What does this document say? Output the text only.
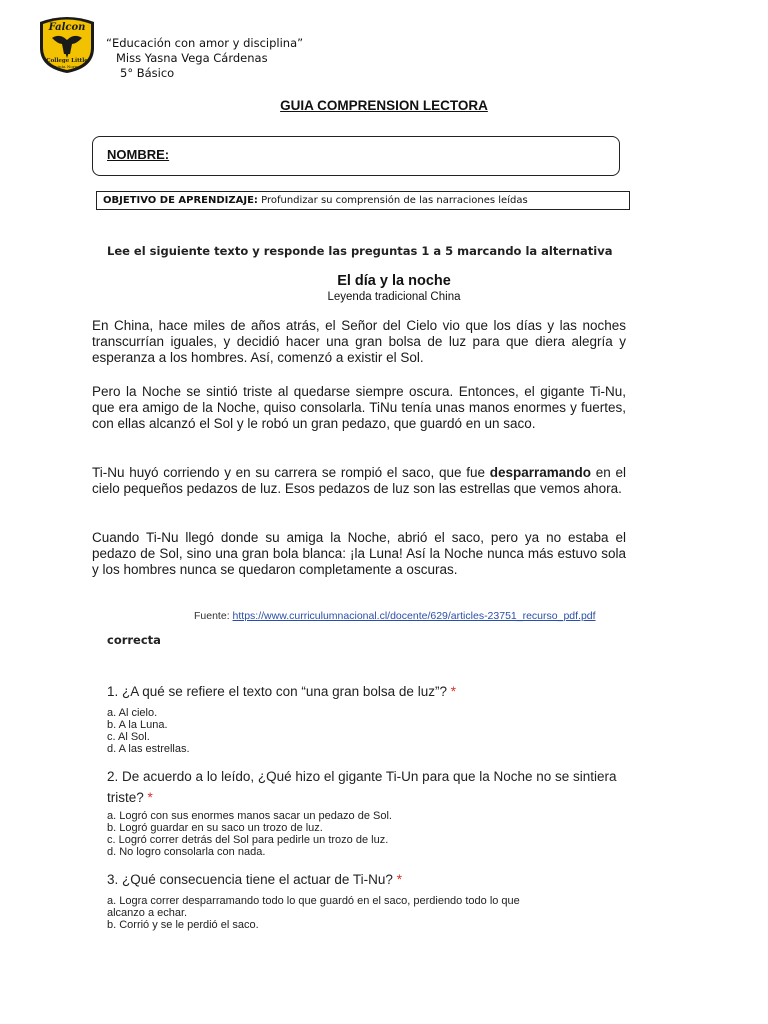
Falcon
College Little
Quinta Normal
“Educación con amor y disciplina”
Miss Yasna Vega Cárdenas
5° Básico
GUIA COMPRENSION LECTORA
NOMBRE:
OBJETIVO DE APRENDIZAJE: Profundizar su comprensión de las narraciones leídas
Lee el siguiente texto y responde las preguntas 1 a 5 marcando la alternativa
El día y la noche
Leyenda tradicional China
En China, hace miles de años atrás, el Señor del Cielo vio que los días y las noches transcurrían iguales, y decidió hacer una gran bolsa de luz para que diera alegría y esperanza a los hombres. Así, comenzó a existir el Sol.
Pero la Noche se sintió triste al quedarse siempre oscura. Entonces, el gigante Ti-Nu, que era amigo de la Noche, quiso consolarla. TiNu tenía unas manos enormes y fuertes, con ellas alcanzó el Sol y le robó un gran pedazo, que guardó en un saco.
Ti-Nu huyó corriendo y en su carrera se rompió el saco, que fue desparramando en el cielo pequeños pedazos de luz. Esos pedazos de luz son las estrellas que vemos ahora.
Cuando Ti-Nu llegó donde su amiga la Noche, abrió el saco, pero ya no estaba el pedazo de Sol, sino una gran bola blanca: ¡la Luna! Así la Noche nunca más estuvo sola y los hombres nunca se quedaron completamente a oscuras.
Fuente: https://www.curriculumnacional.cl/docente/629/articles-23751_recurso_pdf.pdf
correcta
1. ¿A qué se refiere el texto con “una gran bolsa de luz”? *
a. Al cielo.
b. A la Luna.
c. Al Sol.
d. A las estrellas.
2. De acuerdo a lo leído, ¿Qué hizo el gigante Ti-Un para que la Noche no se sintiera triste? *
a. Logró con sus enormes manos sacar un pedazo de Sol.
b. Logró guardar en su saco un trozo de luz.
c. Logró correr detrás del Sol para pedirle un trozo de luz.
d. No logro consolarla con nada.
3. ¿Qué consecuencia tiene el actuar de Ti-Nu? *
a. Logra correr desparramando todo lo que guardó en el saco, perdiendo todo lo que
alcanzo a echar.
b. Corrió y se le perdió el saco.
